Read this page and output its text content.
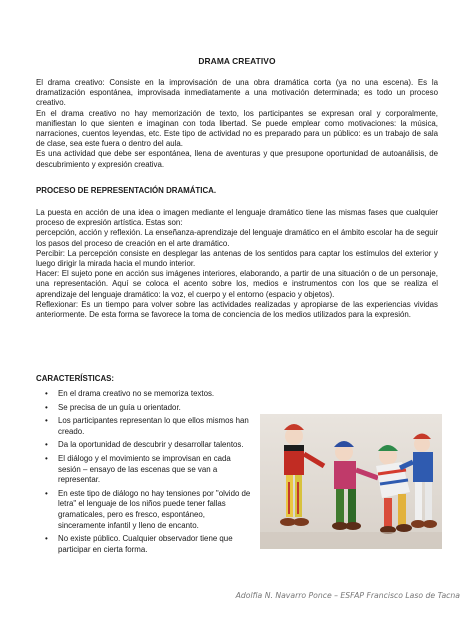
DRAMA CREATIVO

El drama creativo: Consiste en la improvisación de una obra dramática corta (ya no una escena). Es la dramatización espontánea, improvisada inmediatamente a una motivación determinada; es todo un proceso creativo.

En el drama creativo no hay memorización de texto, los participantes se expresan oral y corporalmente, manifiestan lo que sienten e imaginan con toda libertad. Se puede emplear como motivaciones: la música, narraciones, cuentos leyendas, etc. Este tipo de actividad no es preparado para un público: es un trabajo de sala de clase, sea este fuera o dentro del aula.

Es una actividad que debe ser espontánea, llena de aventuras y que presupone oportunidad de autoanálisis, de descubrimiento y expresión creativa.

PROCESO DE REPRESENTACIÓN DRAMÁTICA.

La puesta en acción de una idea o imagen mediante el lenguaje dramático tiene las mismas fases que cualquier proceso de expresión artística. Estas son:

percepción, acción y reflexión. La enseñanza-aprendizaje del lenguaje dramático en el ámbito escolar ha de seguir los pasos del proceso de creación en el arte dramático.

Percibir: La percepción consiste en desplegar las antenas de los sentidos para captar los estímulos del exterior y luego dirigir la mirada hacia el mundo interior.

Hacer: El sujeto pone en acción sus imágenes interiores, elaborando, a partir de una situación o de un personaje, una representación. Aquí se coloca el acento sobre los, medios e instrumentos con los que se realiza el aprendizaje del lenguaje dramático: la voz, el cuerpo y el entorno (espacio y objetos).

Reflexionar: Es un tiempo para volver sobre las actividades realizadas y apropiarse de las experiencias vividas anteriormente. De esta forma se favorece la toma de conciencia de los medios utilizados para la expresión.

CARACTERÍSTICAS:
• En el drama creativo no se memoriza textos.
• Se precisa de un guía u orientador.
• Los participantes representan lo que ellos mismos han creado.
• Da la oportunidad de descubrir y desarrollar talentos.
• El diálogo y el movimiento se improvisan en cada sesión – ensayo de las escenas que se van a representar.
• En este tipo de diálogo no hay tensiones por "olvido de letra" el lenguaje de los niños puede tener fallas gramaticales, pero es fresco, espontáneo, sinceramente infantil y lleno de encanto.
• No existe público. Cualquier observador tiene que participar en cierta forma.
Adolfia N. Navarro Ponce – ESFAP Francisco Laso de Tacna
